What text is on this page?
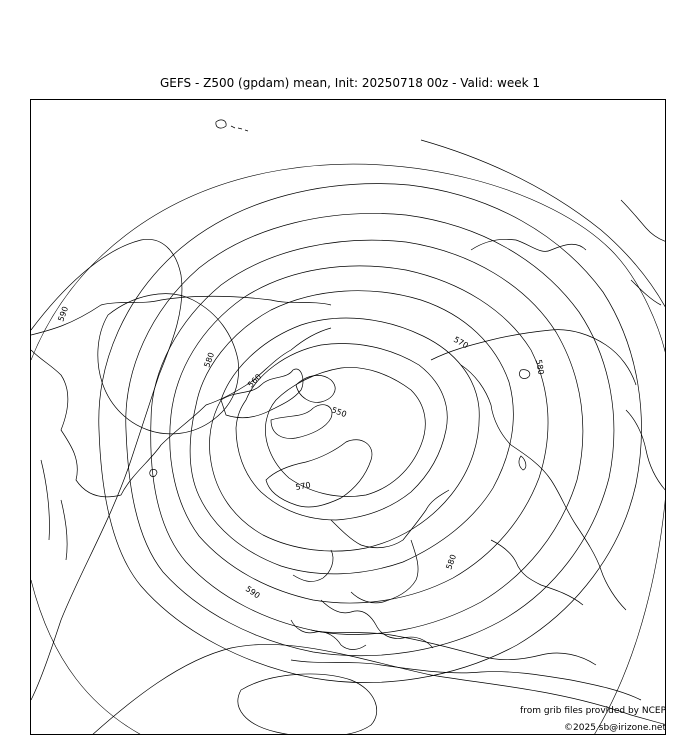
GEFS - Z500 (gpdam) mean, Init: 20250718 00z - Valid: week 1
590
580
570
560
550
570
580
580
590
from grib files provided by NCEP
©2025 sb@irizone.net
